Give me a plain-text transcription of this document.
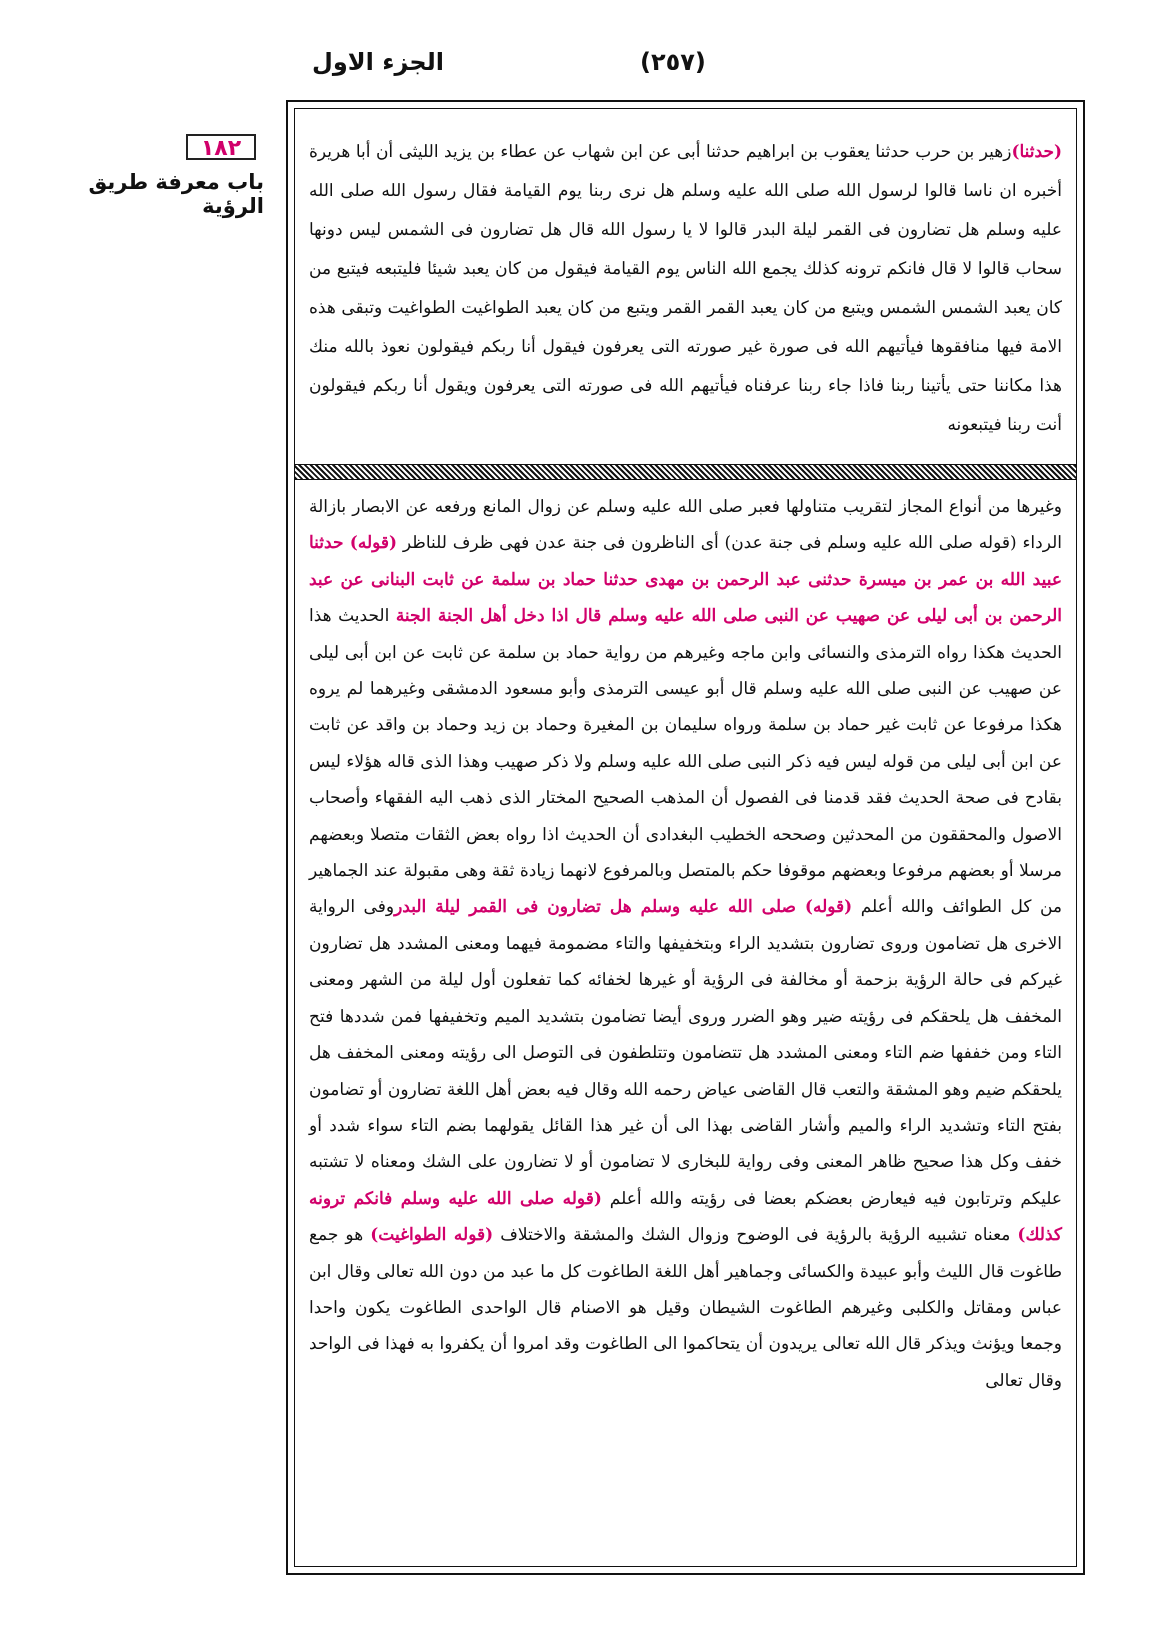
الجزء الاول	(٢٥٧)
١٨٢
باب معرفة طريق الرؤية

(حدثنا)زهير بن حرب حدثنا يعقوب بن ابراهيم حدثنا أبى عن ابن شهاب عن عطاء بن يزيد الليثى أن أبا هريرة أخبره ان ناسا قالوا لرسول الله صلى الله عليه وسلم هل نرى ربنا يوم القيامة فقال رسول الله صلى الله عليه وسلم هل تضارون فى القمر ليلة البدر قالوا لا يا رسول الله قال هل تضارون فى الشمس ليس دونها سحاب قالوا لا قال فانكم ترونه كذلك يجمع الله الناس يوم القيامة فيقول من كان يعبد شيئا فليتبعه فيتبع من كان يعبد الشمس الشمس ويتبع من كان يعبد القمر القمر ويتبع من كان يعبد الطواغيت الطواغيت وتبقى هذه الامة فيها منافقوها فيأتيهم الله فى صورة غير صورته التى يعرفون فيقول أنا ربكم فيقولون نعوذ بالله منك هذا مكاننا حتى يأتينا ربنا فاذا جاء ربنا عرفناه فيأتيهم الله فى صورته التى يعرفون ويقول أنا ربكم فيقولون أنت ربنا فيتبعونه

وغيرها من أنواع المجاز لتقريب متناولها فعبر صلى الله عليه وسلم عن زوال المانع ورفعه عن الابصار بازالة الرداء (قوله صلى الله عليه وسلم فى جنة عدن) أى الناظرون فى جنة عدن فهى ظرف للناظر (قوله) حدثنا عبيد الله بن عمر بن ميسرة حدثنى عبد الرحمن بن مهدى حدثنا حماد بن سلمة عن ثابت البنانى عن عبد الرحمن بن أبى ليلى عن صهيب عن النبى صلى الله عليه وسلم قال اذا دخل أهل الجنة الجنة الحديث هذا الحديث هكذا رواه الترمذى والنسائى وابن ماجه وغيرهم من رواية حماد بن سلمة عن ثابت عن ابن أبى ليلى عن صهيب عن النبى صلى الله عليه وسلم قال أبو عيسى الترمذى وأبو مسعود الدمشقى وغيرهما لم يروه هكذا مرفوعا عن ثابت غير حماد بن سلمة ورواه سليمان بن المغيرة وحماد بن زيد وحماد بن واقد عن ثابت عن ابن أبى ليلى من قوله ليس فيه ذكر النبى صلى الله عليه وسلم ولا ذكر صهيب وهذا الذى قاله هؤلاء ليس بقادح فى صحة الحديث فقد قدمنا فى الفصول أن المذهب الصحيح المختار الذى ذهب اليه الفقهاء وأصحاب الاصول والمحققون من المحدثين وصححه الخطيب البغدادى أن الحديث اذا رواه بعض الثقات متصلا وبعضهم مرسلا أو بعضهم مرفوعا وبعضهم موقوفا حكم بالمتصل وبالمرفوع لانهما زيادة ثقة وهى مقبولة عند الجماهير من كل الطوائف والله أعلم (قوله) صلى الله عليه وسلم هل تضارون فى القمر ليلة البدروفى الرواية الاخرى هل تضامون وروى تضارون بتشديد الراء وبتخفيفها والتاء مضمومة فيهما ومعنى المشدد هل تضارون غيركم فى حالة الرؤية بزحمة أو مخالفة فى الرؤية أو غيرها لخفائه كما تفعلون أول ليلة من الشهر ومعنى المخفف هل يلحقكم فى رؤيته ضير وهو الضرر وروى أيضا تضامون بتشديد الميم وتخفيفها فمن شددها فتح التاء ومن خففها ضم التاء ومعنى المشدد هل تتضامون وتتلطفون فى التوصل الى رؤيته ومعنى المخفف هل يلحقكم ضيم وهو المشقة والتعب قال القاضى عياض رحمه الله وقال فيه بعض أهل اللغة تضارون أو تضامون بفتح التاء وتشديد الراء والميم وأشار القاضى بهذا الى أن غير هذا القائل يقولهما بضم التاء سواء شدد أو خفف وكل هذا صحيح ظاهر المعنى وفى رواية للبخارى لا تضامون أو لا تضارون على الشك ومعناه لا تشتبه عليكم وترتابون فيه فيعارض بعضكم بعضا فى رؤيته والله أعلم (قوله صلى الله عليه وسلم فانكم ترونه كذلك) معناه تشبيه الرؤية بالرؤية فى الوضوح وزوال الشك والمشقة والاختلاف (قوله الطواغيت) هو جمع طاغوت قال الليث وأبو عبيدة والكسائى وجماهير أهل اللغة الطاغوت كل ما عبد من دون الله تعالى وقال ابن عباس ومقاتل والكلبى وغيرهم الطاغوت الشيطان وقيل هو الاصنام قال الواحدى الطاغوت يكون واحدا وجمعا ويؤنث ويذكر قال الله تعالى يريدون أن يتحاكموا الى الطاغوت وقد امروا أن يكفروا به فهذا فى الواحد وقال تعالى
